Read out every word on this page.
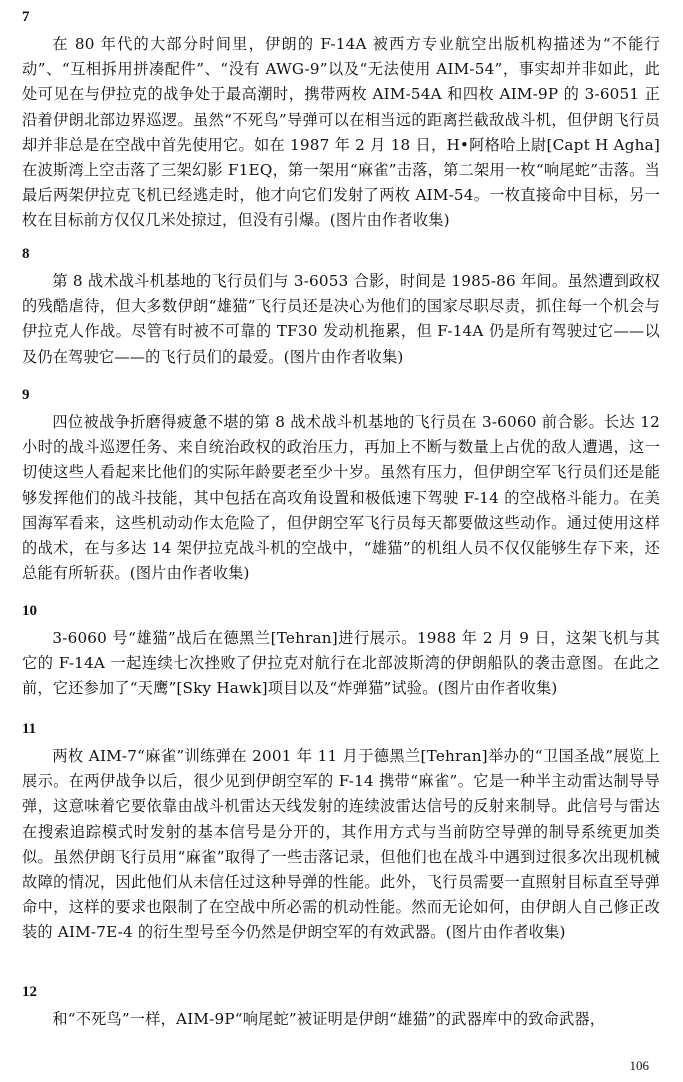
7

在 80 年代的大部分时间里，伊朗的 F-14A 被西方专业航空出版机构描述为“不能行动”、“互相拆用拼凑配件”、“没有 AWG-9”以及“无法使用 AIM-54”，事实却并非如此，此处可见在与伊拉克的战争处于最高潮时，携带两枚 AIM-54A 和四枚 AIM-9P 的 3-6051 正沿着伊朗北部边界巡逻。虽然“不死鸟”导弹可以在相当远的距离拦截敌战斗机，但伊朗飞行员却并非总是在空战中首先使用它。如在 1987 年 2 月 18 日，H•阿格哈上尉[Capt H Agha]在波斯湾上空击落了三架幻影 F1EQ，第一架用“麻雀”击落，第二架用一枚“响尾蛇”击落。当最后两架伊拉克飞机已经逃走时，他才向它们发射了两枚 AIM-54。一枚直接命中目标，另一枚在目标前方仅仅几米处掠过，但没有引爆。(图片由作者收集)

8

第 8 战术战斗机基地的飞行员们与 3-6053 合影，时间是 1985-86 年间。虽然遭到政权的残酷虐待，但大多数伊朗“雄猫”飞行员还是决心为他们的国家尽职尽责，抓住每一个机会与伊拉克人作战。尽管有时被不可靠的 TF30 发动机拖累，但 F-14A 仍是所有驾驶过它——以及仍在驾驶它——的飞行员们的最爱。(图片由作者收集)

9

四位被战争折磨得疲惫不堪的第 8 战术战斗机基地的飞行员在 3-6060 前合影。长达 12 小时的战斗巡逻任务、来自统治政权的政治压力，再加上不断与数量上占优的敌人遭遇，这一切使这些人看起来比他们的实际年龄要老至少十岁。虽然有压力，但伊朗空军飞行员们还是能够发挥他们的战斗技能，其中包括在高攻角设置和极低速下驾驶 F-14 的空战格斗能力。在美国海军看来，这些机动动作太危险了，但伊朗空军飞行员每天都要做这些动作。通过使用这样的战术，在与多达 14 架伊拉克战斗机的空战中，“雄猫”的机组人员不仅仅能够生存下来，还总能有所斩获。(图片由作者收集)

10

3-6060 号“雄猫”战后在德黑兰[Tehran]进行展示。1988 年 2 月 9 日，这架飞机与其它的 F-14A 一起连续七次挫败了伊拉克对航行在北部波斯湾的伊朗船队的袭击意图。在此之前，它还参加了“天鹰”[Sky Hawk]项目以及“炸弹猫”试验。(图片由作者收集)

11

两枚 AIM-7“麻雀”训练弹在 2001 年 11 月于德黑兰[Tehran]举办的“卫国圣战”展览上展示。在两伊战争以后，很少见到伊朗空军的 F-14 携带“麻雀”。它是一种半主动雷达制导导弹，这意味着它要依靠由战斗机雷达天线发射的连续波雷达信号的反射来制导。此信号与雷达在搜索追踪模式时发射的基本信号是分开的，其作用方式与当前防空导弹的制导系统更加类似。虽然伊朗飞行员用“麻雀”取得了一些击落记录，但他们也在战斗中遇到过很多次出现机械故障的情况，因此他们从未信任过这种导弹的性能。此外，飞行员需要一直照射目标直至导弹命中，这样的要求也限制了在空战中所必需的机动性能。然而无论如何，由伊朗人自己修正改装的 AIM-7E-4 的衍生型号至今仍然是伊朗空军的有效武器。(图片由作者收集)

12

和“不死鸟”一样，AIM-9P“响尾蛇”被证明是伊朗“雄猫”的武器库中的致命武器，

106
